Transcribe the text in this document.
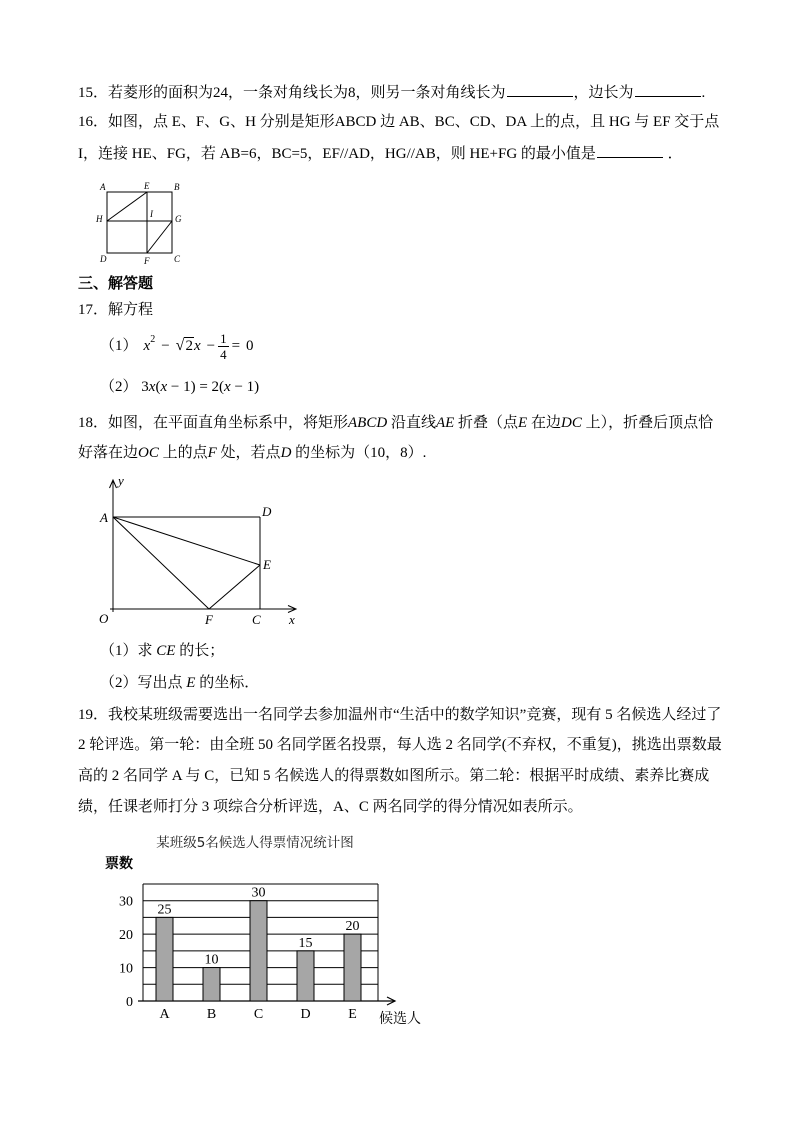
15．若菱形的面积为24，一条对角线长为8，则另一条对角线长为	，边长为	.
16．如图，点 E、F、G、H 分别是矩形ABCD 边 AB、BC、CD、DA 上的点，且 HG 与 EF 交于点
I，连接 HE、FG，若 AB=6，BC=5，EF//AD，HG//AB，则 HE+FG 的最小值是	．
A	E	B
H	I G
D	F	C
三、解答题
17．解方程
（1） x 2 − √2 $x - \frac{1}{4} = 0$
（2） 3x(x − 1) = 2(x − 1)
18．如图，在平面直角坐标系中，将矩形ABCD 沿直线AE 折叠（点E 在边DC 上），折叠后顶点恰
好落在边OC 上的点F 处，若点D 的坐标为（10，8）.
y
A	D
E
O	F	C x
（1）求 CE 的长；
（2）写出点 E 的坐标．
19．我校某班级需要选出一名同学去参加温州市“生活中的数学知识”竞赛，现有 5 名候选人经过了
2 轮评选。第一轮：由全班 50 名同学匿名投票，每人选 2 名同学(不弃权，不重复)，挑选出票数最
高的 2 名同学 A 与 C，已知 5 名候选人的得票数如图所示。第二轮：根据平时成绩、素养比赛成
绩，任课老师打分 3 项综合分析评选，A、C 两名同学的得分情况如表所示。
某班级5名候选人得票情况统计图
票数
候选人
0
10
20
30
25
A
10
B
30
C
15
D
20
E
